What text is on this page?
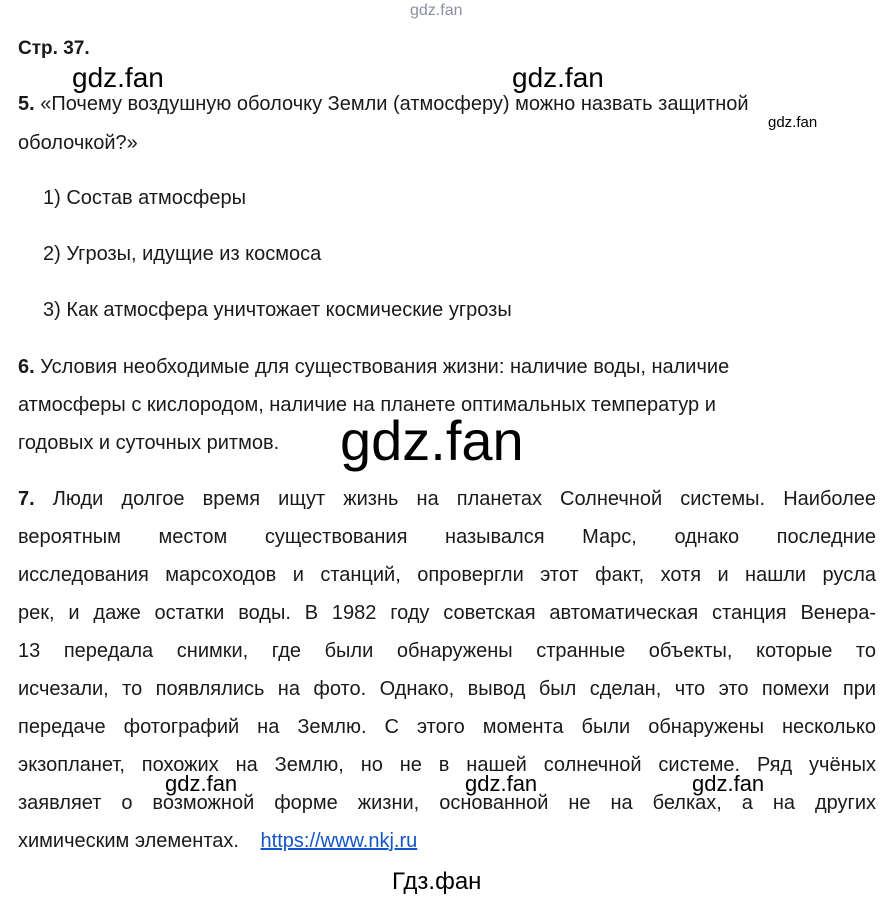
gdz.fan
gdz.fan	gdz.fan
gdz.fan
Стр. 37.
5. «Почему воздушную оболочку Земли (атмосферу) можно назвать защитной
оболочкой?»
1) Состав атмосферы
2) Угрозы, идущие из космоса
3) Как атмосфера уничтожает космические угрозы
6. Условия необходимые для существования жизни: наличие воды, наличие
атмосферы с кислородом, наличие на планете оптимальных температур и
годовых и суточных ритмов. gdz.fan
7. Люди долгое время ищут жизнь на планетах Солнечной системы. Наиболее
вероятным местом существования назывался Марс, однако последние
исследования марсоходов и станций, опровергли этот факт, хотя и нашли русла
рек, и даже остатки воды. В 1982 году советская автоматическая станция Венера-
13 передала снимки, где были обнаружены странные объекты, которые то
исчезали, то появлялись на фото. Однако, вывод был сделан, что это помехи при
передаче фотографий на Землю. С этого момента были обнаружены несколько
экзопланет, похожих на Землю, но не в нашей солнечной системе. Ряд учёных
заявляет о возможной форме жизни, основанной не на белках, а на других
химическим элементах. https://www.nkj.ru
gdz.fan	gdz.fan	gdz.fan
Гдз.фан
